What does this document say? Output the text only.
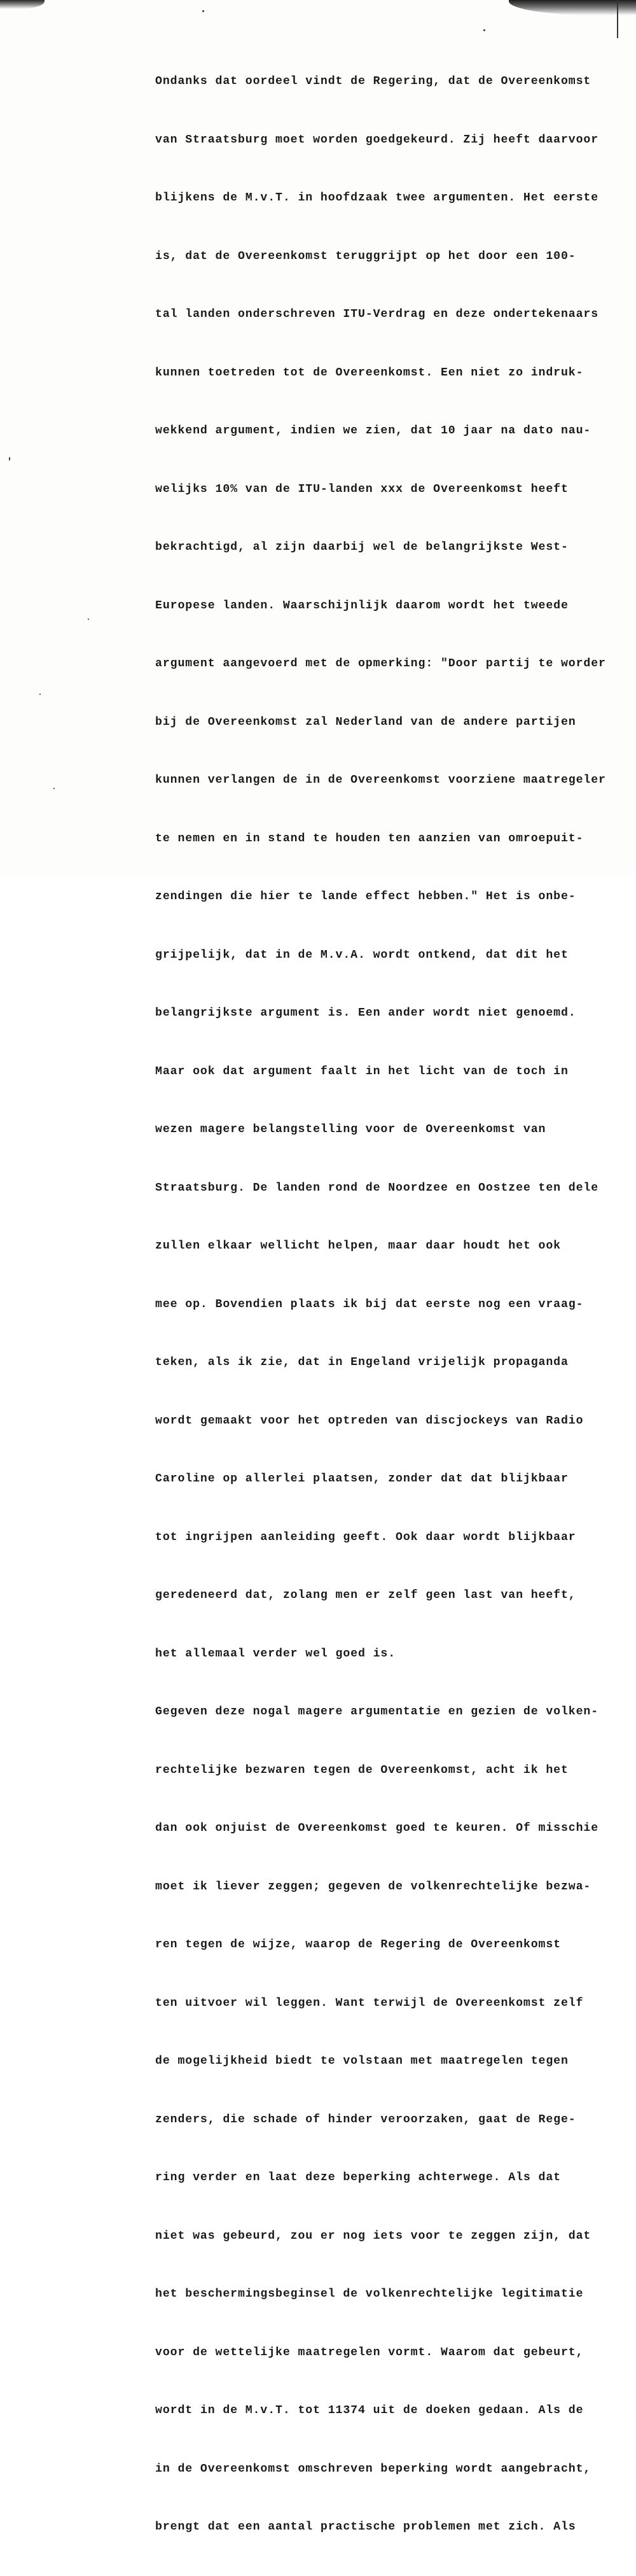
Ondanks dat oordeel vindt de Regering, dat de Overeenkomst

van Straatsburg moet worden goedgekeurd. Zij heeft daarvoor

blijkens de M.v.T. in hoofdzaak twee argumenten. Het eerste

is, dat de Overeenkomst teruggrijpt op het door een 100-

tal landen onderschreven ITU-Verdrag en deze ondertekenaars

kunnen toetreden tot de Overeenkomst. Een niet zo indruk-

wekkend argument, indien we zien, dat 10 jaar na dato nau-

welijks 10% van de ITU-landen xxx de Overeenkomst heeft

bekrachtigd, al zijn daarbij wel de belangrijkste West-

Europese landen. Waarschijnlijk daarom wordt het tweede

argument aangevoerd met de opmerking: "Door partij te worder

bij de Overeenkomst zal Nederland van de andere partijen

kunnen verlangen de in de Overeenkomst voorziene maatregeler

te nemen en in stand te houden ten aanzien van omroepuit-

zendingen die hier te lande effect hebben." Het is onbe-

grijpelijk, dat in de M.v.A. wordt ontkend, dat dit het

belangrijkste argument is. Een ander wordt niet genoemd.

Maar ook dat argument faalt in het licht van de toch in

wezen magere belangstelling voor de Overeenkomst van

Straatsburg. De landen rond de Noordzee en Oostzee ten dele

zullen elkaar wellicht helpen, maar daar houdt het ook

mee op. Bovendien plaats ik bij dat eerste nog een vraag-

teken, als ik zie, dat in Engeland vrijelijk propaganda

wordt gemaakt voor het optreden van discjockeys van Radio

Caroline op allerlei plaatsen, zonder dat dat blijkbaar

tot ingrijpen aanleiding geeft. Ook daar wordt blijkbaar

geredeneerd dat, zolang men er zelf geen last van heeft,

het allemaal verder wel goed is.

Gegeven deze nogal magere argumentatie en gezien de volken-

rechtelijke bezwaren tegen de Overeenkomst, acht ik het

dan ook onjuist de Overeenkomst goed te keuren. Of misschie

moet ik liever zeggen; gegeven de volkenrechtelijke bezwa-

ren tegen de wijze, waarop de Regering de Overeenkomst

ten uitvoer wil leggen. Want terwijl de Overeenkomst zelf

de mogelijkheid biedt te volstaan met maatregelen tegen

zenders, die schade of hinder veroorzaken, gaat de Rege-

ring verder en laat deze beperking achterwege. Als dat

niet was gebeurd, zou er nog iets voor te zeggen zijn, dat

het beschermingsbeginsel de volkenrechtelijke legitimatie

voor de wettelijke maatregelen vormt. Waarom dat gebeurt,

wordt in de M.v.T. tot 11374 uit de doeken gedaan. Als de

in de Overeenkomst omschreven beperking wordt aangebracht,

brengt dat een aantal practische problemen met zich. Als
